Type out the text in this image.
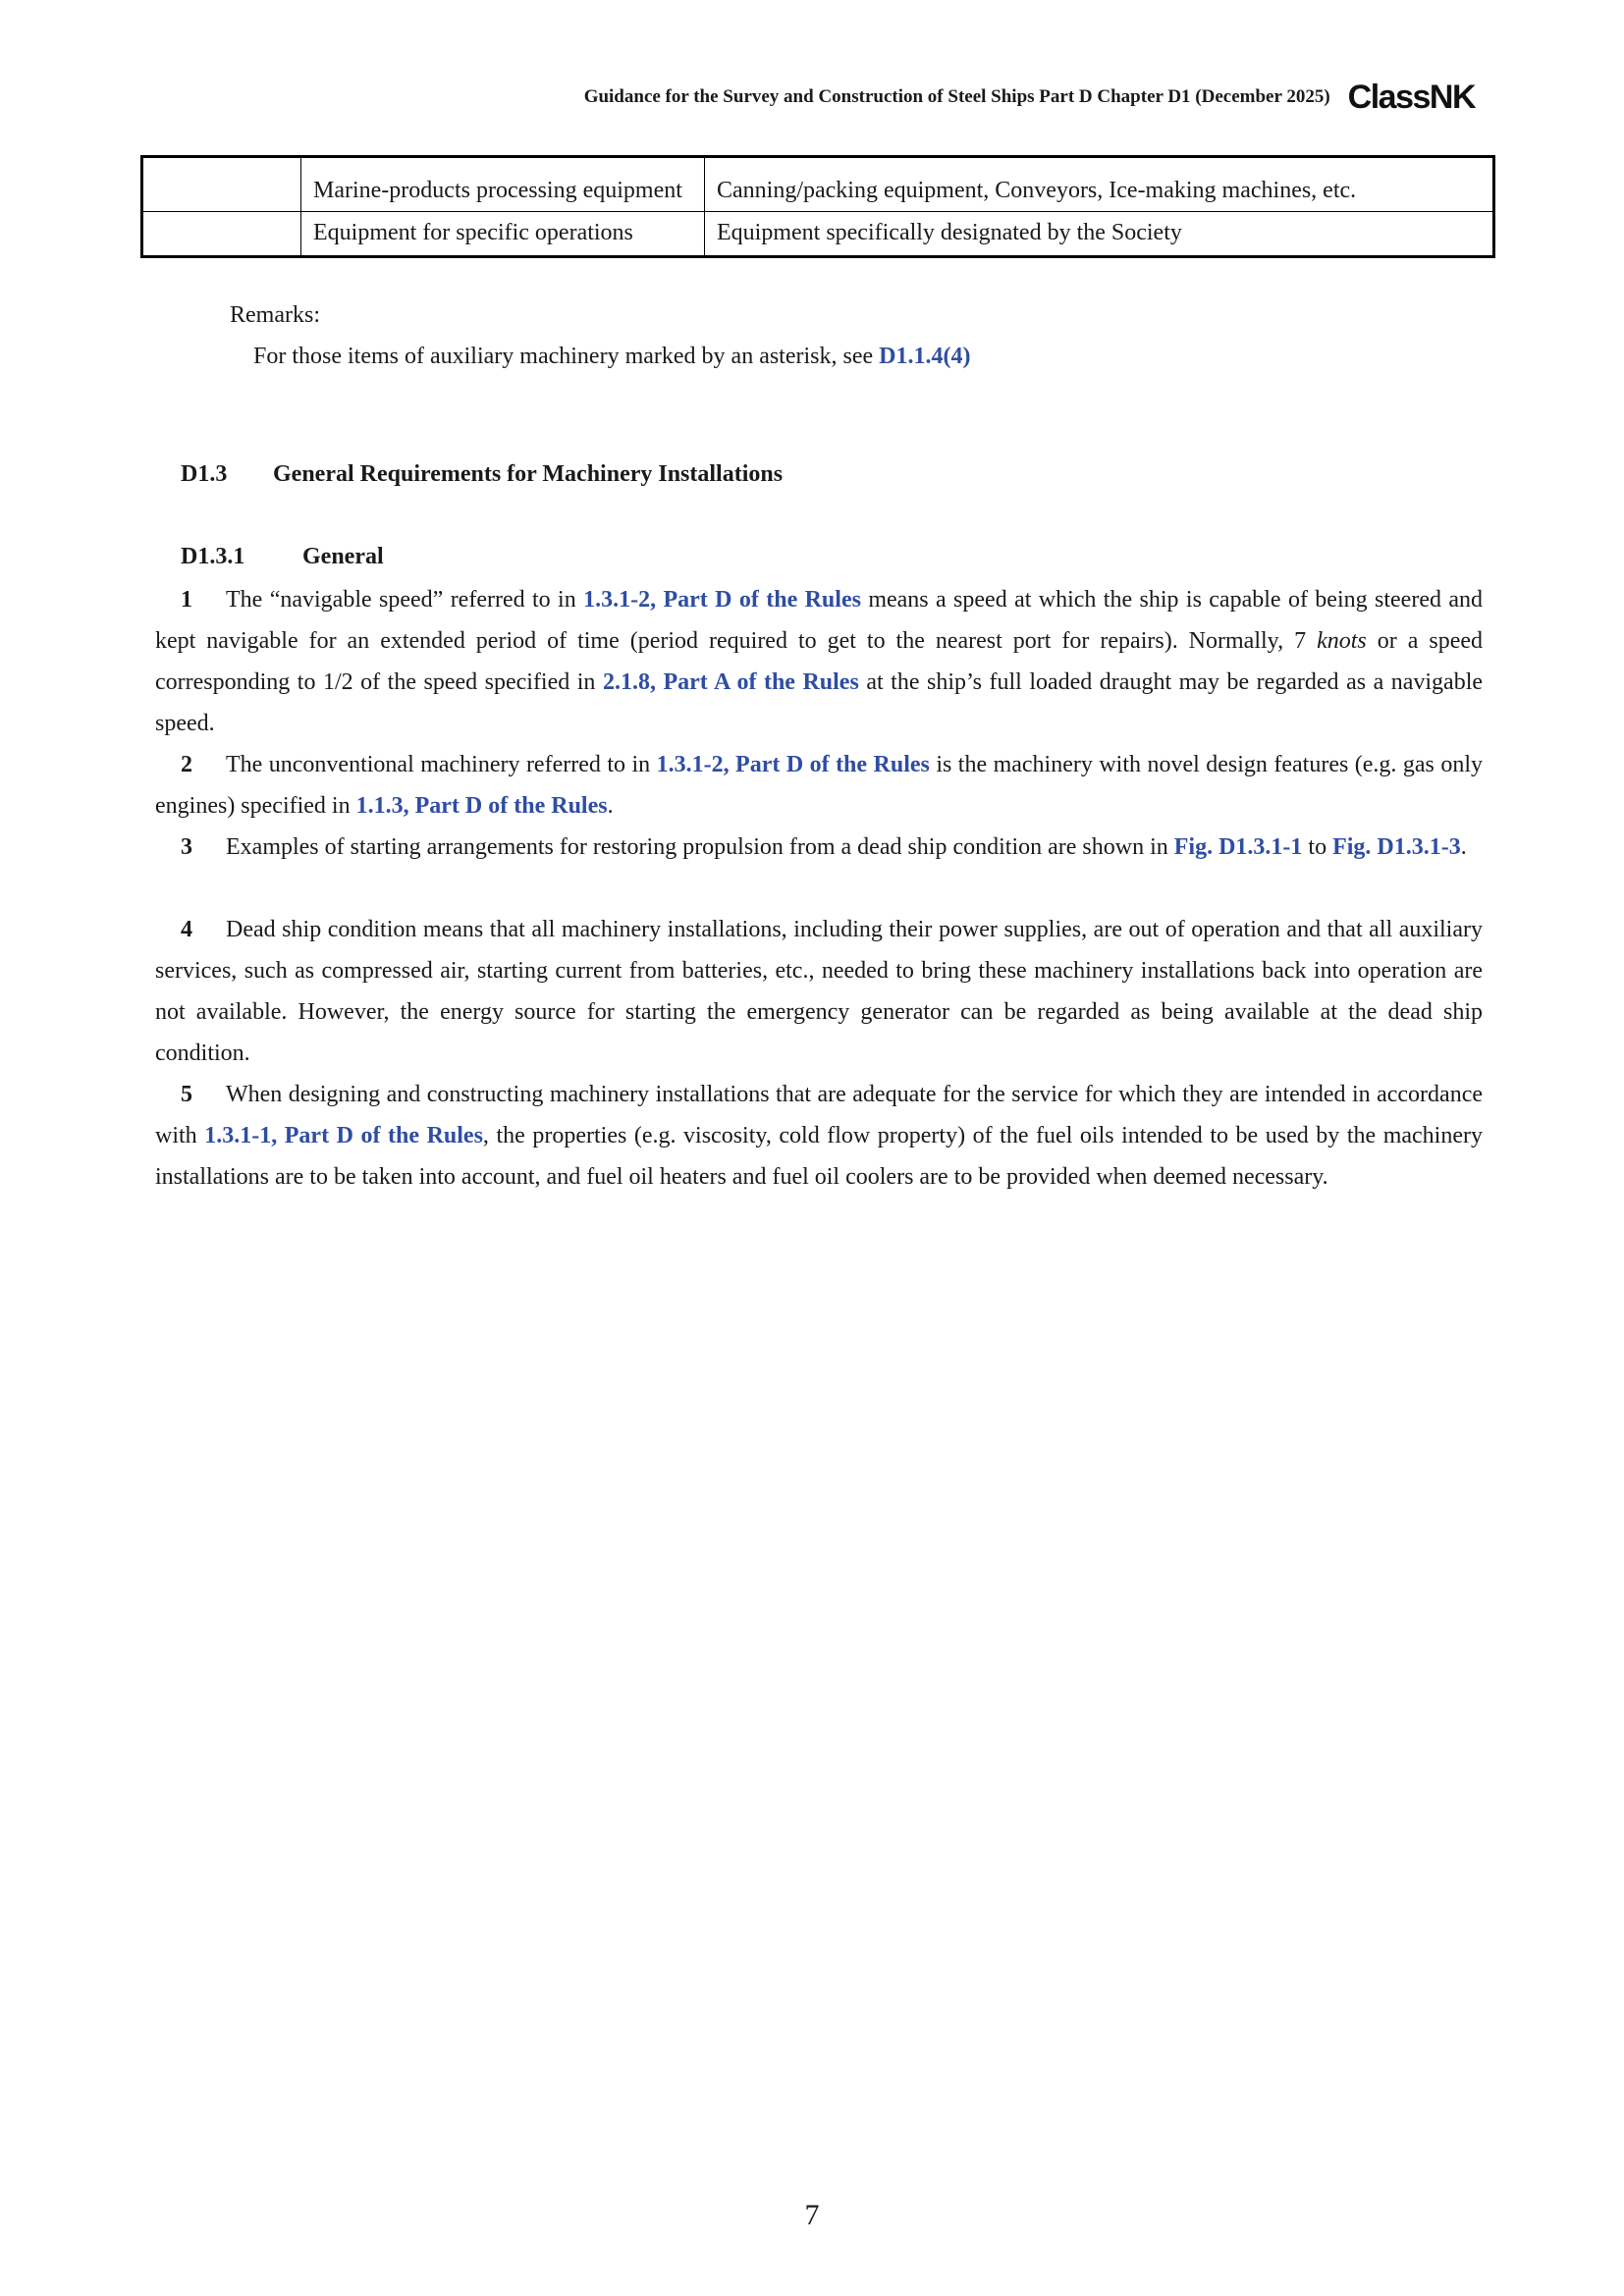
Guidance for the Survey and Construction of Steel Ships Part D Chapter D1 (December 2025) ClassNK
	Marine-products processing equipment	Canning/packing equipment, Conveyors, Ice-making machines, etc.
	Equipment for specific operations	Equipment specifically designated by the Society
Remarks:
For those items of auxiliary machinery marked by an asterisk, see D1.1.4(4)
D1.3 General Requirements for Machinery Installations
D1.3.1 General
1 The “navigable speed” referred to in 1.3.1-2, Part D of the Rules means a speed at which the ship is capable of being steered and kept navigable for an extended period of time (period required to get to the nearest port for repairs). Normally, 7 knots or a speed corresponding to 1/2 of the speed specified in 2.1.8, Part A of the Rules at the ship’s full loaded draught may be regarded as a navigable speed.
2 The unconventional machinery referred to in 1.3.1-2, Part D of the Rules is the machinery with novel design features (e.g. gas only engines) specified in 1.1.3, Part D of the Rules.
3 Examples of starting arrangements for restoring propulsion from a dead ship condition are shown in Fig. D1.3.1-1 to Fig. D1.3.1-3.
4 Dead ship condition means that all machinery installations, including their power supplies, are out of operation and that all auxiliary services, such as compressed air, starting current from batteries, etc., needed to bring these machinery installations back into operation are not available. However, the energy source for starting the emergency generator can be regarded as being available at the dead ship condition.
5 When designing and constructing machinery installations that are adequate for the service for which they are intended in accordance with 1.3.1-1, Part D of the Rules, the properties (e.g. viscosity, cold flow property) of the fuel oils intended to be used by the machinery installations are to be taken into account, and fuel oil heaters and fuel oil coolers are to be provided when deemed necessary.
7
